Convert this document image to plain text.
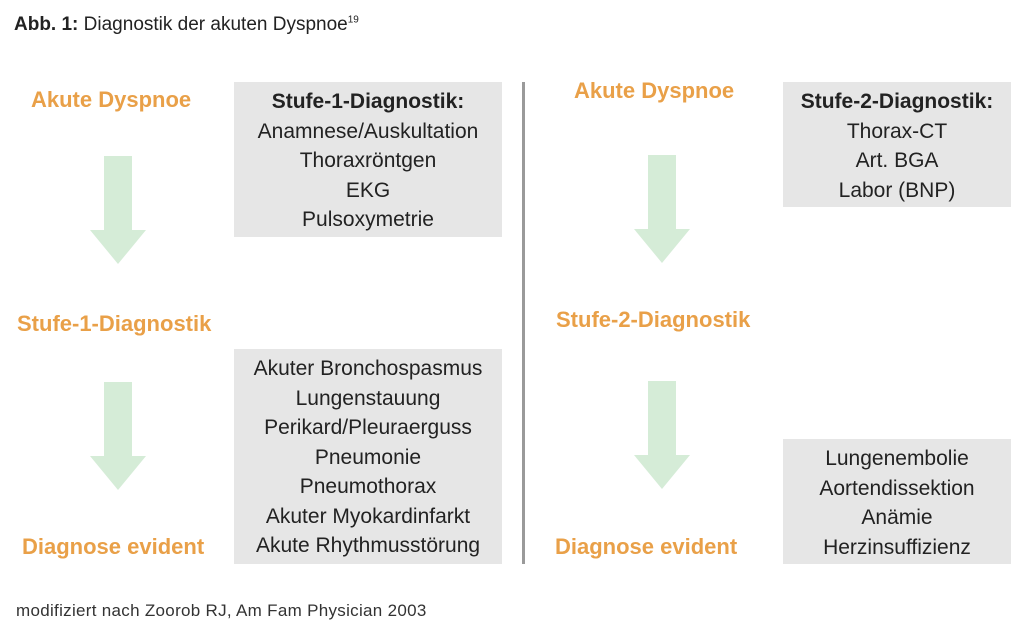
Abb. 1: Diagnostik der akuten Dyspnoe$^{19}$
Akute Dyspnoe
Stufe-1-Diagnostik
Diagnose evident
Stufe-1-Diagnostik:
Anamnese/Auskultation
Thoraxröntgen
EKG
Pulsoxymetrie
Akuter Bronchospasmus
Lungenstauung
Perikard/Pleuraerguss
Pneumonie
Pneumothorax
Akuter Myokardinfarkt
Akute Rhythmusstörung
Akute Dyspnoe
Stufe-2-Diagnostik
Diagnose evident
Stufe-2-Diagnostik:
Thorax-CT
Art. BGA
Labor (BNP)
Lungenembolie
Aortendissektion
Anämie
Herzinsuffizienz
modifiziert nach Zoorob RJ, Am Fam Physician 2003
